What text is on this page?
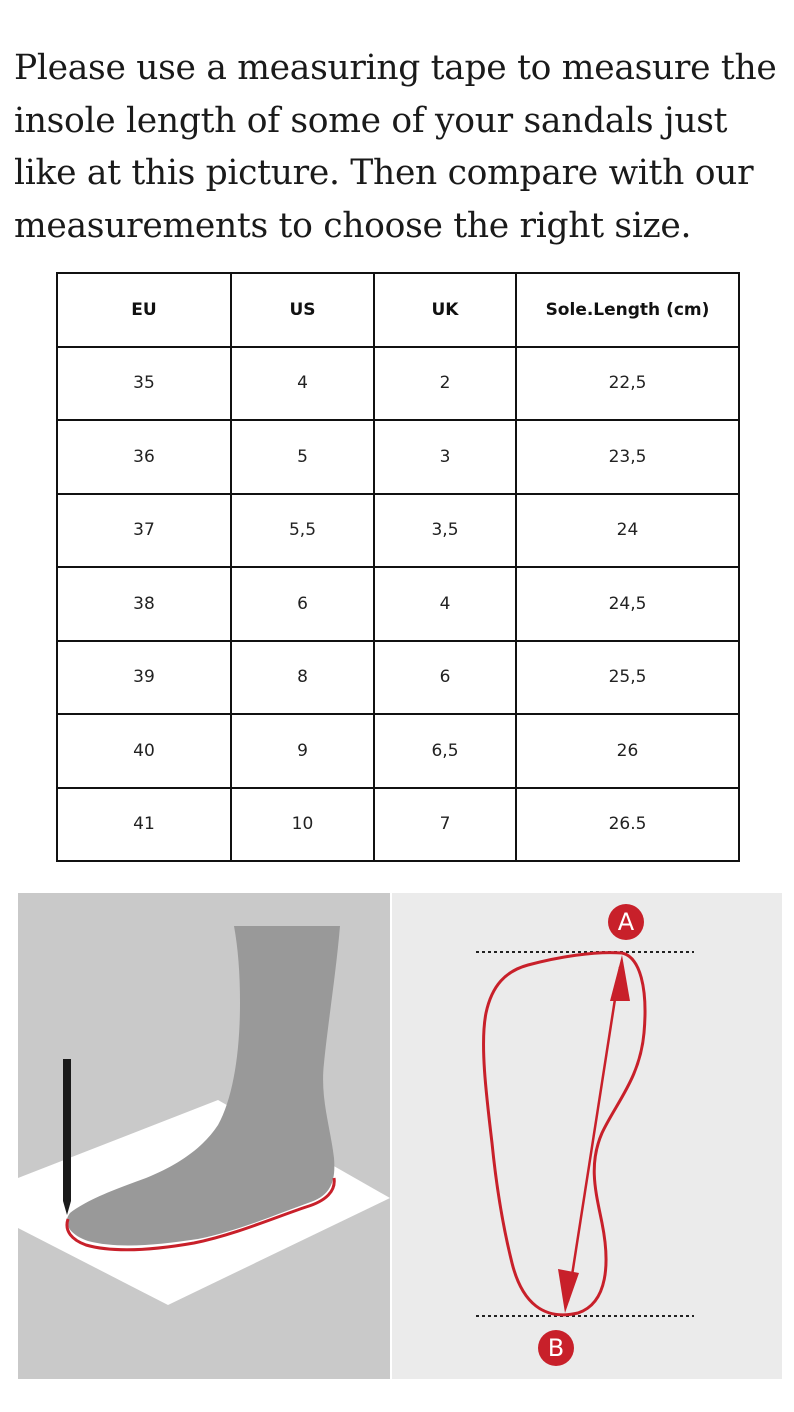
Please use a measuring tape to measure the insole length of some of your sandals just like at this picture. Then compare with our measurements to choose the right size.

EU	US	UK	Sole.Length (cm)
35	4	2	22,5
36	5	3	23,5
37	5,5	3,5	24
38	6	4	24,5
39	8	6	25,5
40	9	6,5	26
41	10	7	26.5
A
B
